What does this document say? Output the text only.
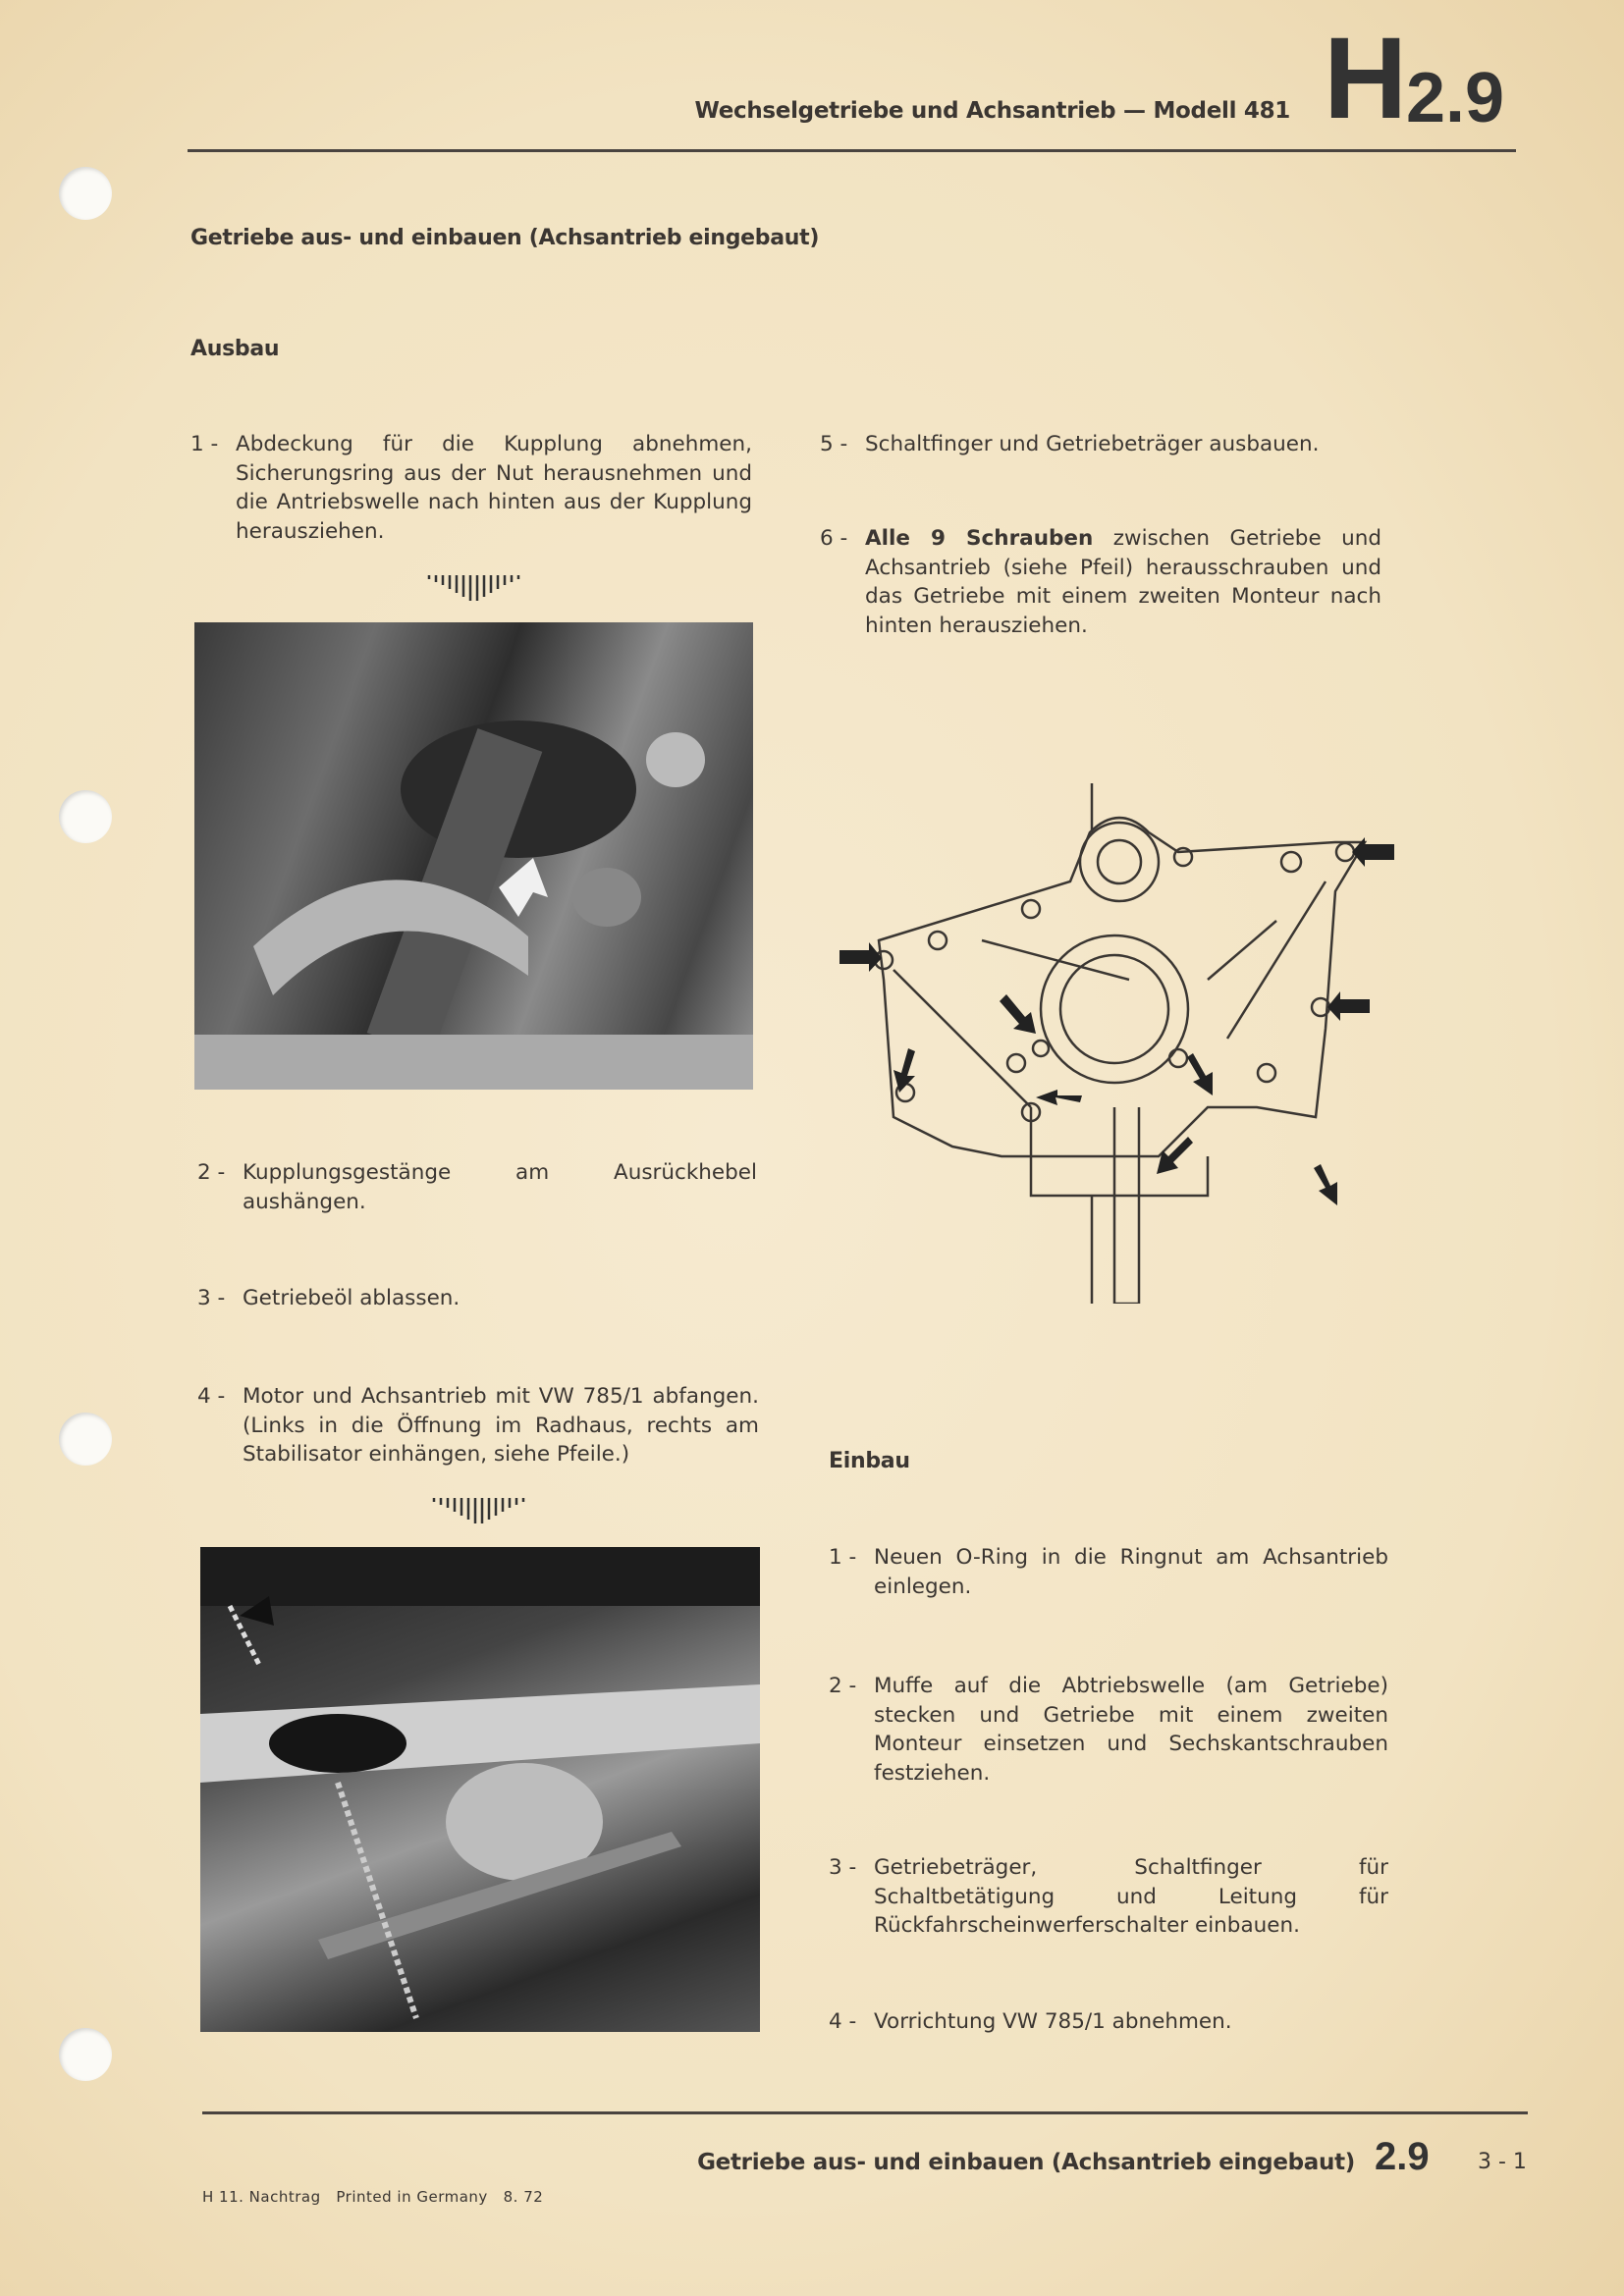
Wechselgetriebe und Achsantrieb — Modell 481 H
2.9
Getriebe aus- und einbauen (Achsantrieb eingebaut)
Ausbau
1 - Abdeckung für die Kupplung abnehmen, Sicherungsring aus der Nut herausnehmen und die Antriebswelle nach hinten aus der Kupplung herausziehen.
2 - Kupplungsgestänge am Ausrückhebel aushängen.
3 - Getriebeöl ablassen.
4 - Motor und Achsantrieb mit VW 785/1 abfangen. (Links in die Öffnung im Radhaus, rechts am Stabilisator einhängen, siehe Pfeile.)
5 - Schaltfinger und Getriebeträger ausbauen.
6 - Alle 9 Schrauben zwischen Getriebe und Achsantrieb (siehe Pfeil) herausschrauben und das Getriebe mit einem zweiten Monteur nach hinten herausziehen.
Einbau
1 - Neuen O-Ring in die Ringnut am Achsantrieb einlegen.
2 - Muffe auf die Abtriebswelle (am Getriebe) stecken und Getriebe mit einem zweiten Monteur einsetzen und Sechskantschrauben festziehen.
3 - Getriebeträger, Schaltfinger für Schaltbetätigung und Leitung für Rückfahrscheinwerferschalter einbauen.
4 - Vorrichtung VW 785/1 abnehmen.
Getriebe aus- und einbauen (Achsantrieb eingebaut) 2.9 3 - 1
H 11. Nachtrag   Printed in Germany   8. 72
